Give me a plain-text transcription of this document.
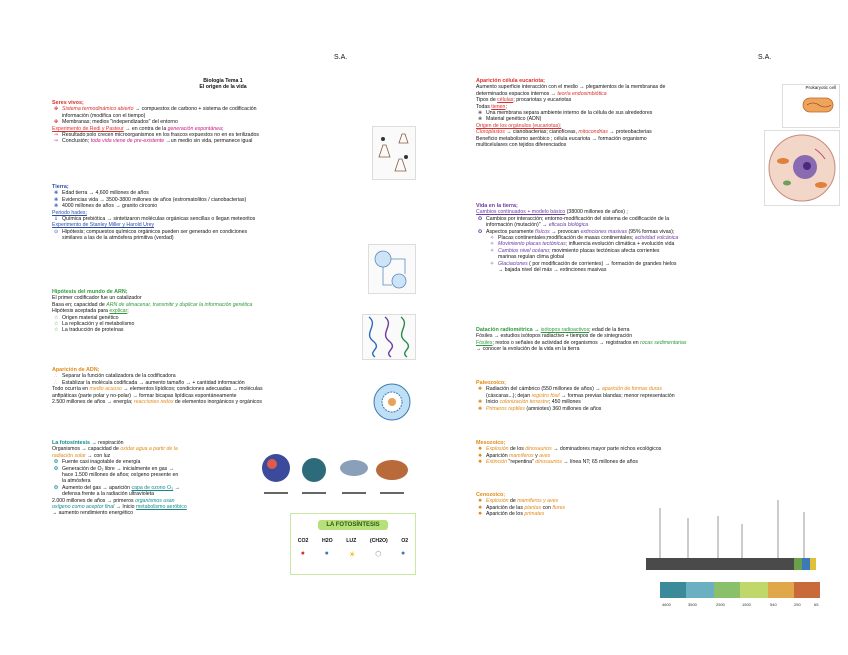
S.A.
Biología Tema 1
El origen de la vida
Seres vivos;
✤ Sistema termodinámico abierto → compuestos de carbono + sistema de codificación
información (modifica con el tiempo)
✤ Membranas; medios "independizados" del entorno
Experimento de Redi y Pasteur → en contra de la generación espontánea;
⇒ Resultado;solo crecen microorganismos en los frascos expuestos no en es terilizados
⇒ Conclusión; toda vida viene de pre-existente →un medio sin vida, permanece igual
Tierra;
❋ Edad tierra → 4,600 millones de años
❋ Evidencias vida → 3500-3800 millones de años (estromatolitos / cianobacterias)
❋ 4000 millones de años → granito circonio
Periodo hades;
⇓ Química prebiótica → sintetizaron moléculas orgánicas sencillas o llegan meteoritos
Experimento de Stanley Miller y Harold Urey
⊙ Hipótesis; compuestos químicos orgánicos pueden ser generado en condiciones
similares a las de la atmósfera primitiva (verdad)
Hipótesis del mundo de ARN;
El primer codificador fue un catalizador
Basa en; capacidad de ARN de almacenar, transmitir y duplicar la información genética
Hipótesis aceptada para explicar;
☆ Origen material genético
☆ La replicación y el metabolismo
☆ La traducción de proteínas
Aparición de ADN;
∴ Separar la función catalizadora de la codificadora
∴ Establizar la molécula codificada → aumento tamaño → + cantidad información
Todo ocurría en medio acuoso → elementos lipídicos; condiciones adecuadas → moléculas
anfipáticas (parte polar y no-polar) → formar bicapas lipídicas espontáneamente
2.500 millones de años → energía; reacciones redox de elementos inorgánicos y orgánicos
La fotosíntesis → respiración
Organismos → capacidad de oxidar agua a partir de la
radiación solar → con luz
❂ Fuente casi inagotable de energía
❂ Generación de O₂ libre → inicialmente en gas →
hace 1.500 millones de años; oxígeno presente en
la atmósfera
❂ Aumento del gas → aparición capa de ozono O₃ →
defensa frente a la radiación ultravioleta
2.000 millones de años → primeros organismos usan
oxígeno como aceptor final → Inicio metabolismo aeróbico
→ aumento rendimiento energético
LA FOTOSÍNTESIS
CO2	H2O	LUZ	(CH2O)	O2
●	● ☀	⬡	●
S.A.
Aparición célula eucariota;
Aumento superficie interacción con el medio → plegamientos de la membranas de
determinados espacios internos → teoría endosimbiótica
Tipos de células; procariotas y eucariotas
Todas tienen;
❀ Una membrana separa ambiente interno de la célula de sus alrededores
❀ Material genético (ADN)
Origen de los orgánulos (eucariotas);
Cloroplastos → cianobacterias; cianofíceas, mitocondrias → proteobacterias
Beneficio metabolismo aeróbico ; célula eucariota → formación organismo
multicelulares con tejidos diferenciados
Prokaryotic cell
Vida en la tierra;
Cambios continuados + modelo básico (38000 millones de años) ;
✪ Cambios por interacción; entorno-modificación del sistema de codificación de la
información (mutación)" → eficacia biológica
✪ Aspectos puramente físicos → provocan extinciones masivas (95% formas vivas);
✧ Placas continentales;modificación de masas continentales; actividad volcánica
✧ Movimiento placas tectónicas; influencia evolución climática + evolución vida
✧ Cambios nivel océano; movimiento placas tectónicas afecta corrientes
marinas regulan clima global
✧ Glaciaciones ( por modificación de corrientes) → formación de grandes hielos
→ bajada nivel del más → extinciones masivas
Datación radiométrica → isótopos radioactivos; edad de la tierra
Fósiles → estudios isótopos radiactivo + tiempos de de sintegración
Fósiles; restos o señales de actividad de organismos → registrados en rocas sedimentarias
→ conocer la evolución de la vida en la tierra
Paleozoico;
✺ Radiación del cámbrico (550 millones de años) → aparición de formas duras
(cáscaras...); dejan registro fósil → formas previas blandas; menor representación
✺ Inicio colonización terrestre; 450 millones
✺ Primeros reptiles (amniotes) 360 millones de años
Mesozoico;
✹ Explosión de los dinosaurios → dominadores mayor parte nichos ecológicos
✹ Aparición mamíferos y aves
✹ Extinción "repentina" dinosaurios → línea NT; 65 millones de años
Cenozoico;
✸ Explosión de mamíferos y aves
✸ Aparición de las plantas con flores
✸ Aparición de los primates
4600	3500	2500	1500	540	250	65
